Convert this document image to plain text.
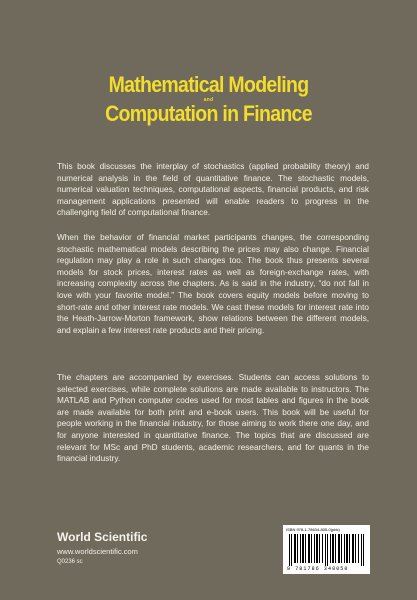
Mathematical Modeling
and
Computation in Finance
This book discusses the interplay of stochastics (applied probability theory) and numerical analysis in the field of quantitative finance. The stochastic models, numerical valuation techniques, computational aspects, financial products, and risk management applications presented will enable readers to progress in the challenging field of computational finance.
When the behavior of financial market participants changes, the corresponding stochastic mathematical models describing the prices may also change. Financial regulation may play a role in such changes too. The book thus presents several models for stock prices, interest rates as well as foreign-exchange rates, with increasing complexity across the chapters. As is said in the industry, “do not fall in love with your favorite model.” The book covers equity models before moving to short-rate and other interest rate models. We cast these models for interest rate into the Heath-Jarrow-Morton framework, show relations between the different models, and explain a few interest rate products and their pricing.
The chapters are accompanied by exercises. Students can access solutions to selected exercises, while complete solutions are made available to instructors. The MATLAB and Python computer codes used for most tables and figures in the book are made available for both print and e-book users. This book will be useful for people working in the financial industry, for those aiming to work there one day, and for anyone interested in quantitative finance. The topics that are discussed are relevant for MSc and PhD students, academic researchers, and for quants in the financial industry.
World Scientific
www.worldscientific.com
Q0236 sc
ISBN 978-1-78634-805-0(pbk)
9 781786 348050
